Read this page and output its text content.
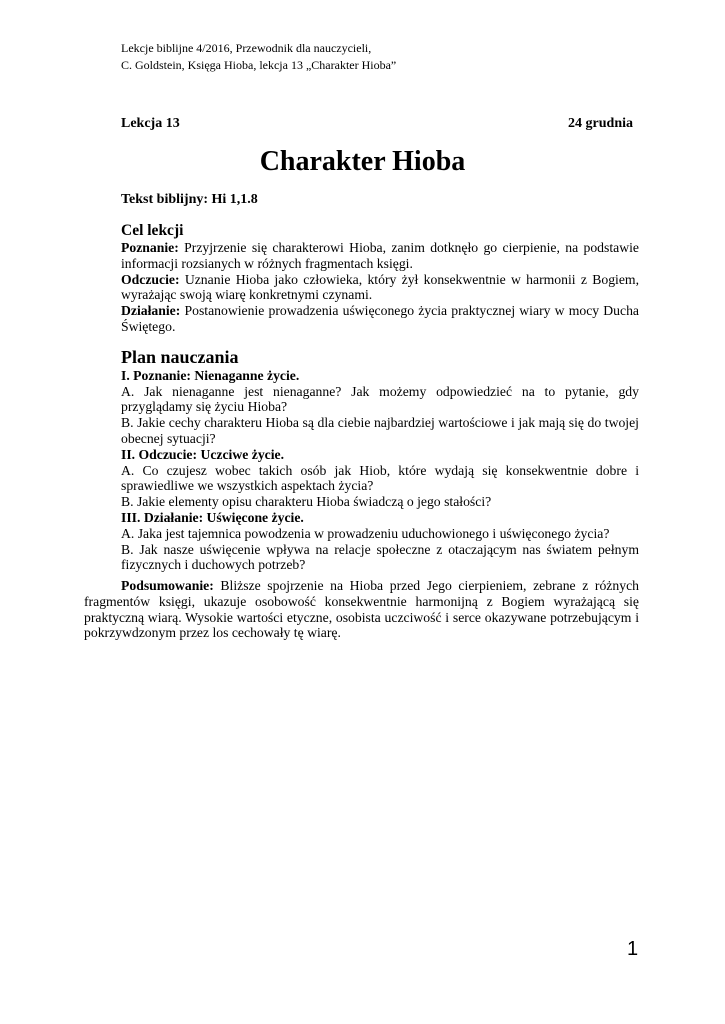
Lekcje biblijne 4/2016, Przewodnik dla nauczycieli,
C. Goldstein, Księga Hioba, lekcja 13 „Charakter Hioba”
Lekcja 13	24 grudnia
Charakter Hioba
Tekst biblijny: Hi 1,1.8
Cel lekcji

Poznanie: Przyjrzenie się charakterowi Hioba, zanim dotknęło go cierpienie, na podstawie informacji rozsianych w różnych fragmentach księgi.

Odczucie: Uznanie Hioba jako człowieka, który żył konsekwentnie w harmonii z Bogiem, wyrażając swoją wiarę konkretnymi czynami.

Działanie: Postanowienie prowadzenia uświęconego życia praktycznej wiary w mocy Ducha Świętego.

Plan nauczania

I. Poznanie: Nienaganne życie.

A. Jak nienaganne jest nienaganne? Jak możemy odpowiedzieć na to pytanie, gdy przyglądamy się życiu Hioba?

B. Jakie cechy charakteru Hioba są dla ciebie najbardziej wartościowe i jak mają się do twojej obecnej sytuacji?

II. Odczucie: Uczciwe życie.

A. Co czujesz wobec takich osób jak Hiob, które wydają się konsekwentnie dobre i sprawiedliwe we wszystkich aspektach życia?

B. Jakie elementy opisu charakteru Hioba świadczą o jego stałości?

III. Działanie: Uświęcone życie.

A. Jaka jest tajemnica powodzenia w prowadzeniu uduchowionego i uświęconego życia?

B. Jak nasze uświęcenie wpływa na relacje społeczne z otaczającym nas światem pełnym fizycznych i duchowych potrzeb?

Podsumowanie: Bliższe spojrzenie na Hioba przed Jego cierpieniem, zebrane z różnych fragmentów księgi, ukazuje osobowość konsekwentnie harmonijną z Bogiem wyrażającą się praktyczną wiarą. Wysokie wartości etyczne, osobista uczciwość i serce okazywane potrzebującym i pokrzywdzonym przez los cechowały tę wiarę.
1
